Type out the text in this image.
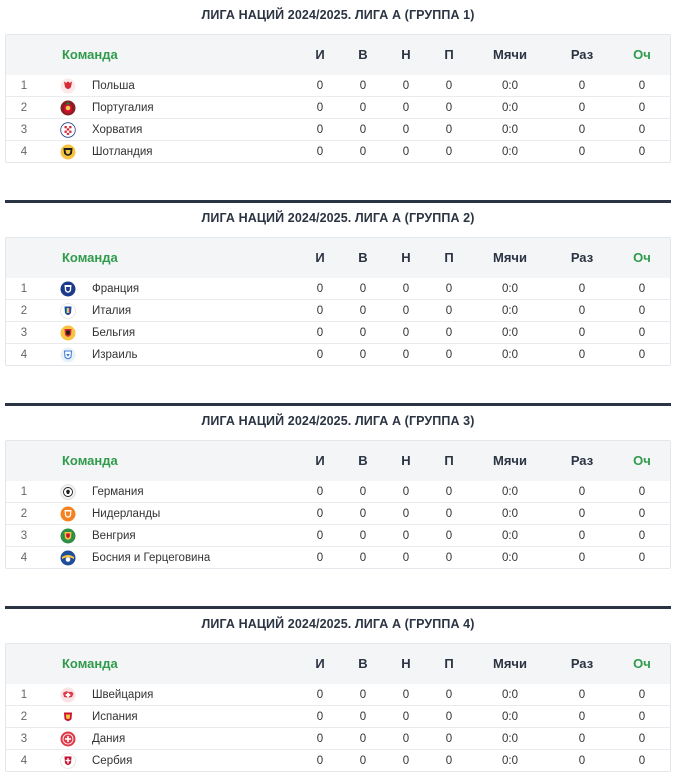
ЛИГА НАЦИЙ 2024/2025. ЛИГА А (ГРУППА 1)
Команда	И	В	Н	П	Мячи	Раз	Оч
1	Польша	0	0	0	0	0:0	0	0
2	Португалия	0	0	0	0	0:0	0	0
3	Хорватия	0	0	0	0	0:0	0	0
4	Шотландия	0	0	0	0	0:0	0	0
ЛИГА НАЦИЙ 2024/2025. ЛИГА А (ГРУППА 2)
Команда	И	В	Н	П	Мячи	Раз	Оч
1	Франция	0	0	0	0	0:0	0	0
2	Италия	0	0	0	0	0:0	0	0
3	Бельгия	0	0	0	0	0:0	0	0
4	Израиль	0	0	0	0	0:0	0	0
ЛИГА НАЦИЙ 2024/2025. ЛИГА А (ГРУППА 3)
Команда	И	В	Н	П	Мячи	Раз	Оч
1	Германия	0	0	0	0	0:0	0	0
2	Нидерланды	0	0	0	0	0:0	0	0
3	Венгрия	0	0	0	0	0:0	0	0
4	Босния и Герцеговина	0	0	0	0	0:0	0	0
ЛИГА НАЦИЙ 2024/2025. ЛИГА А (ГРУППА 4)
Команда	И	В	Н	П	Мячи	Раз	Оч
1	Швейцария	0	0	0	0	0:0	0	0
2	Испания	0	0	0	0	0:0	0	0
3	Дания	0	0	0	0	0:0	0	0
4	Сербия	0	0	0	0	0:0	0	0
